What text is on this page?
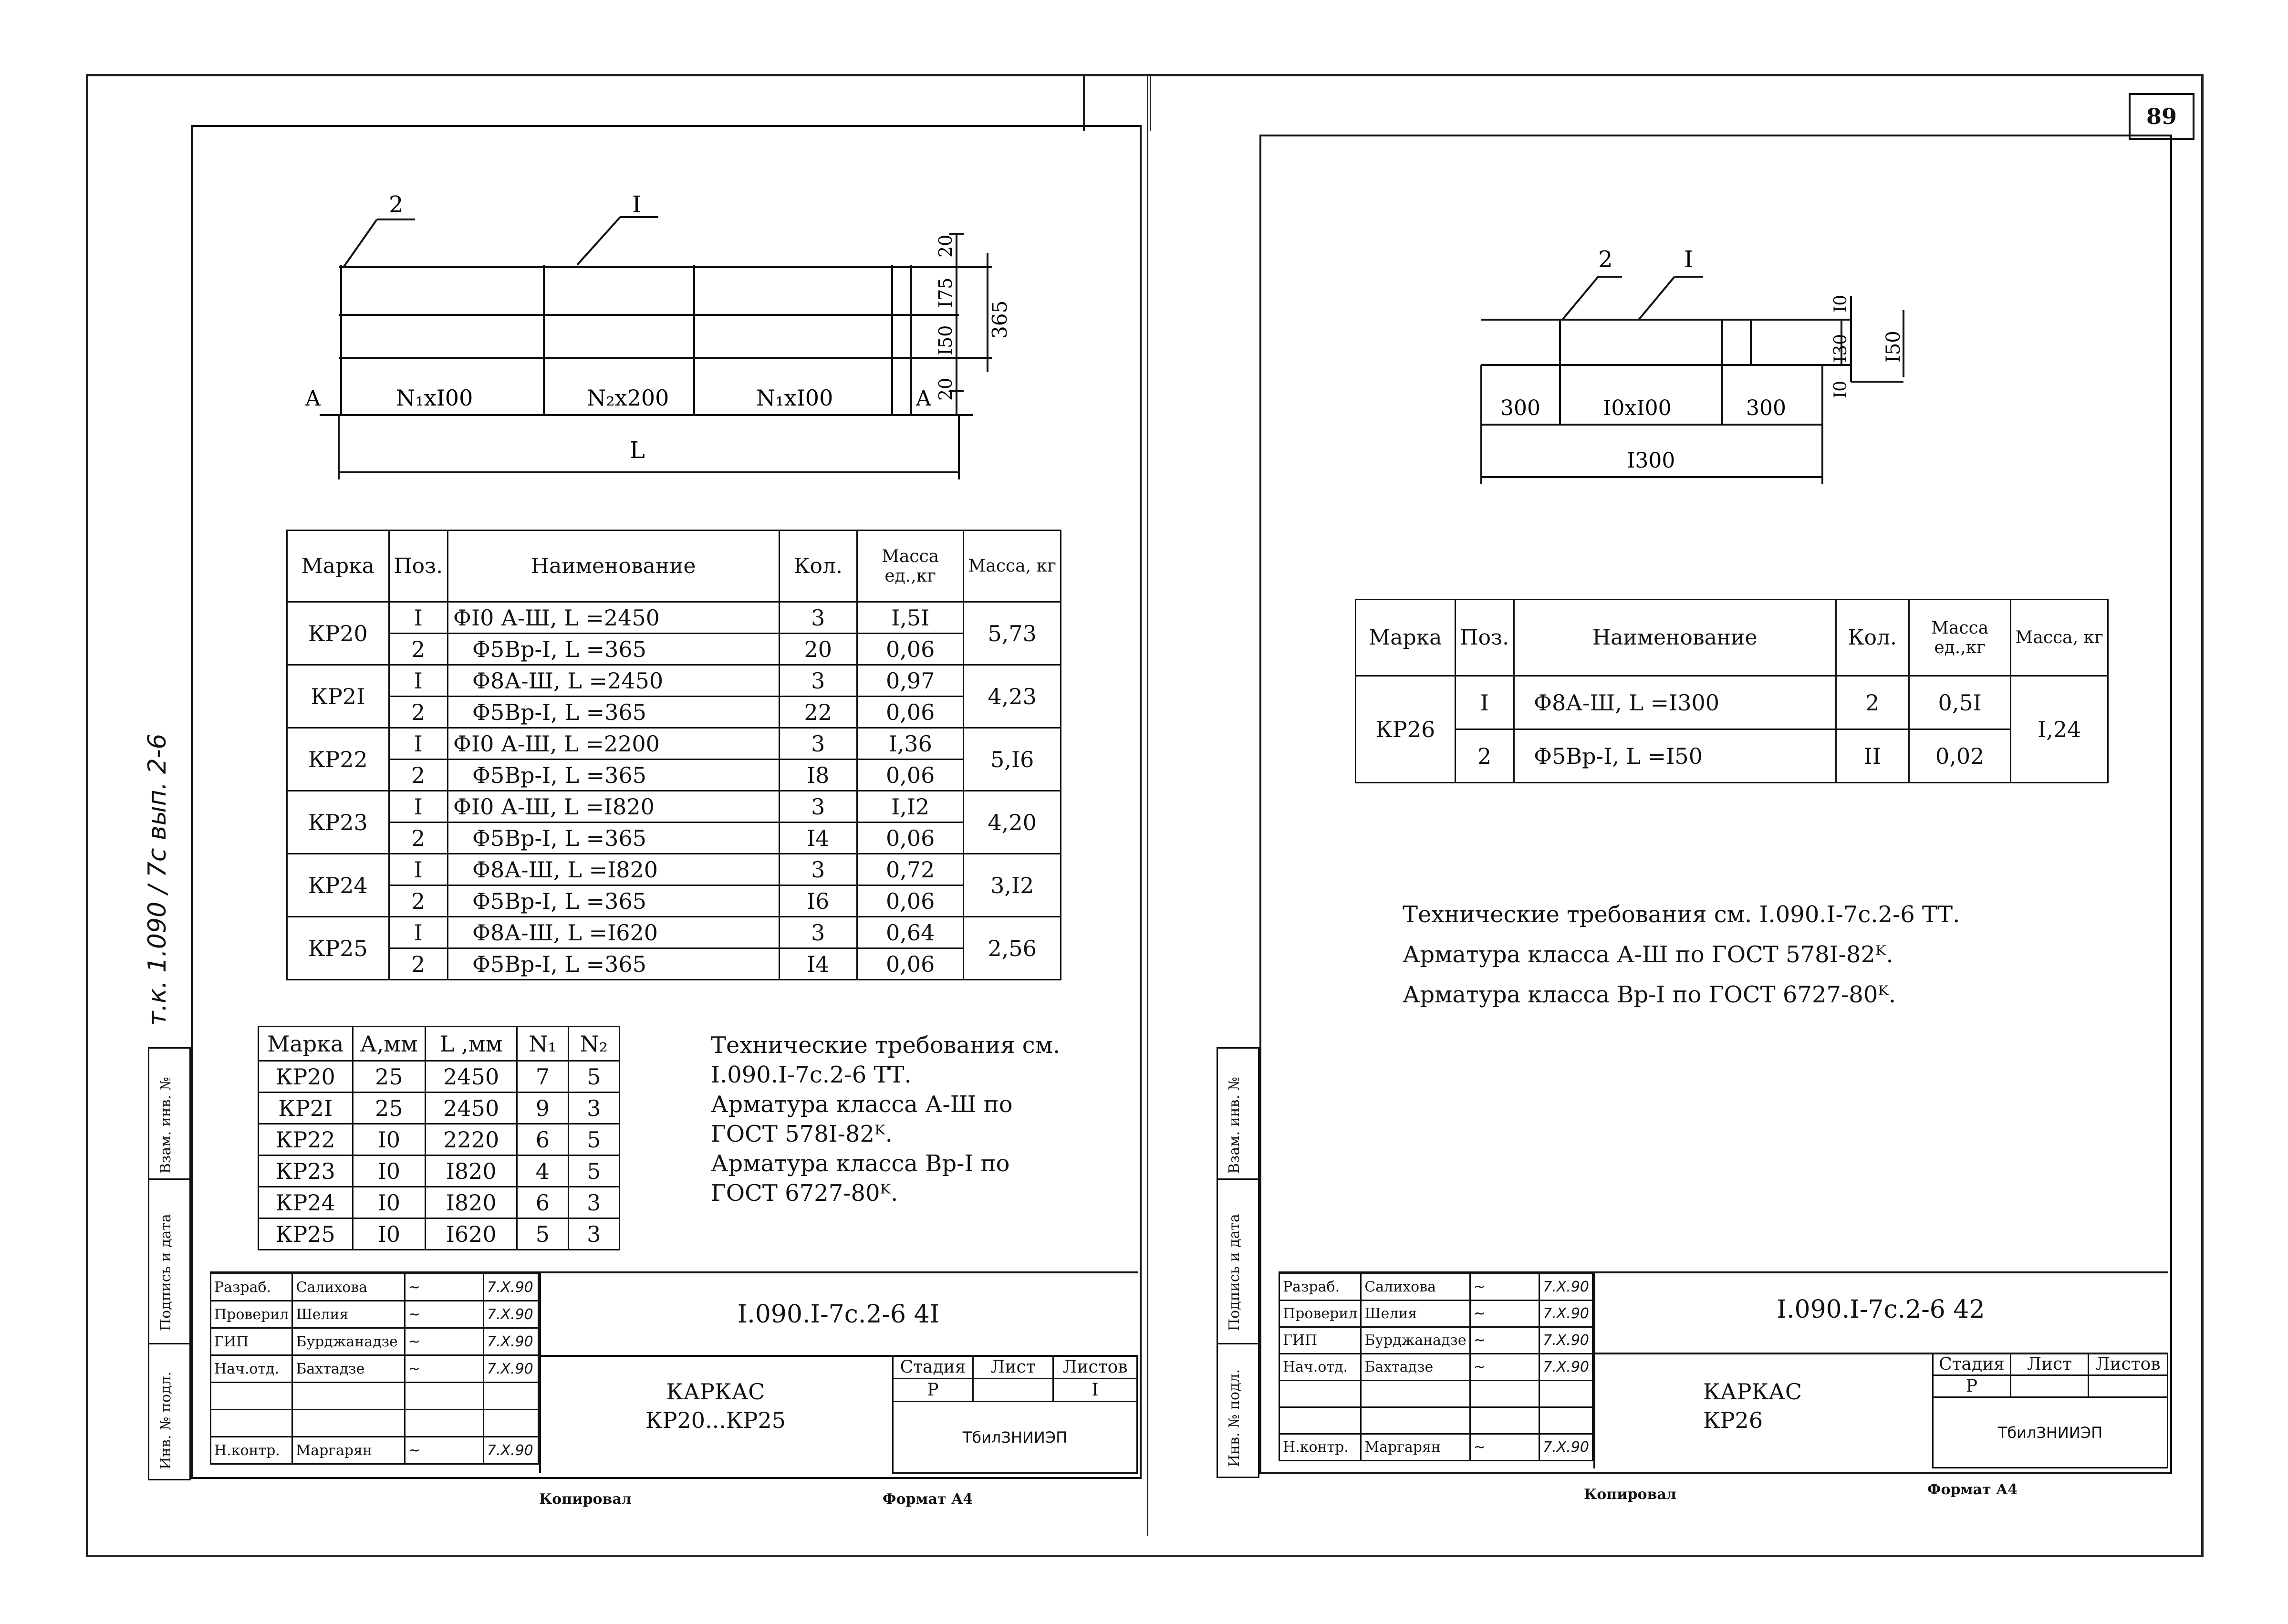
89
т.к. 1.090 / 7с вып. 2-6

Взам. инв. №
Подпись и дата
Инв. № подл.
2	I
A	A
N₁xI00	N₂x200	N₁xI00
L
20
I75
I50
20
365
Марка	Поз.	Наименование	Кол.	Масса ед.,кг	Масса, кг
КР20	I	ФI0 А-Ш, L =2450	3	I,5I	5,73
	2	Ф5Вр-I, L =365	20	0,06	
КР2I	I	Ф8А-Ш, L =2450	3	0,97	4,23
	2	Ф5Вр-I, L =365	22	0,06	
КР22	I	ФI0 А-Ш, L =2200	3	I,36	5,I6
	2	Ф5Вр-I, L =365	I8	0,06	
КР23	I	ФI0 А-Ш, L =I820	3	I,I2	4,20
	2	Ф5Вр-I, L =365	I4	0,06	
КР24	I	Ф8А-Ш, L =I820	3	0,72	3,I2
	2	Ф5Вр-I, L =365	I6	0,06	
КР25	I	Ф8А-Ш, L =I620	3	0,64	2,56
	2	Ф5Вр-I, L =365	I4	0,06	
Марка	А,мм	L ,мм	N₁	N₂
КР20	25	2450	7	5
КР2I	25	2450	9	3
КР22	I0	2220	6	5
КР23	I0	I820	4	5
КР24	I0	I820	6	3
КР25	I0	I620	5	3
Технические требования см.
I.090.I-7с.2-6 ТТ.
Арматура класса А-Ш по
ГОСТ 578I-82ᴷ.
Арматура класса Вр-I по
ГОСТ 6727-80ᴷ.
Разраб.	Салихова	~	7.Х.90
Проверил	Шелия	~	7.Х.90
ГИП	Бурджанадзе	~	7.Х.90
Нач.отд.	Бахтадзе	~	7.Х.90

Н.контр.	Маргарян	~	7.Х.90
I.090.I-7с.2-6 4I
КАРКАС
КР20...КР25
Стадия	Лист	Листов
Р		I
ТбилЗНИИЭП		
Копировал	Формат А4

Взам. инв. №
Подпись и дата
Инв. № подл.
2	I
300	I0xI00	300
I300
I0
I30
I0
I50
Марка	Поз.	Наименование	Кол.	Масса ед.,кг	Масса, кг
КР26	I	Ф8А-Ш, L =I300	2	0,5I	I,24
	2	Ф5Вр-I, L =I50	II	0,02	
Технические требования см. I.090.I-7с.2-6 ТТ.
Арматура класса А-Ш по ГОСТ 578I-82ᴷ.
Арматура класса Вр-I по ГОСТ 6727-80ᴷ.
Разраб.	Салихова	~	7.Х.90
Проверил	Шелия	~	7.Х.90
ГИП	Бурджанадзе	~	7.Х.90
Нач.отд.	Бахтадзе	~	7.Х.90

Н.контр.	Маргарян	~	7.Х.90
I.090.I-7с.2-6 42
КАРКАС
КР26
Стадия	Лист	Листов
Р		
ТбилЗНИИЭП		
Копировал	Формат А4
